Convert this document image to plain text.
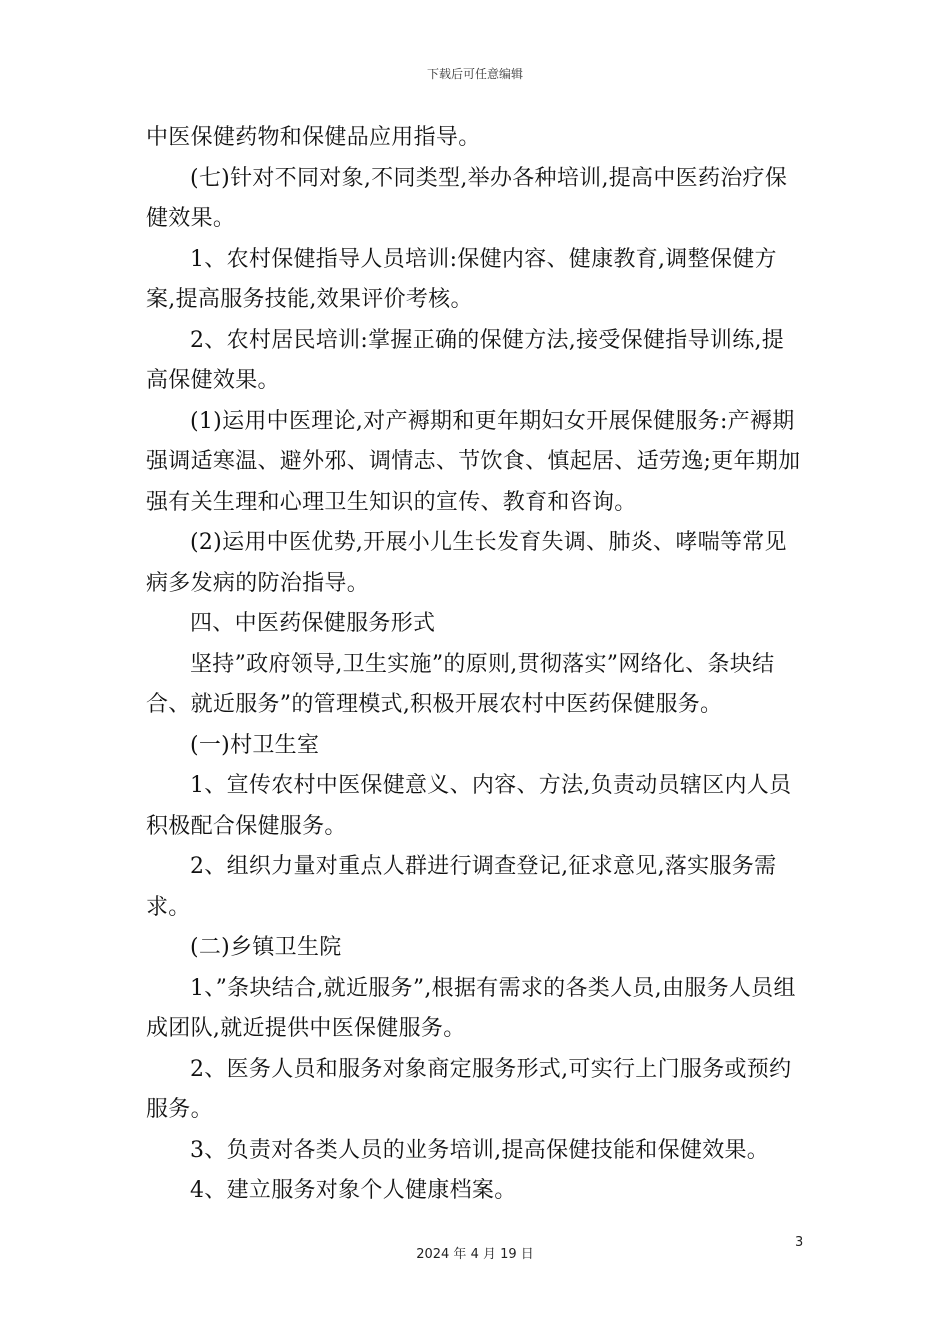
下载后可任意编辑

中医保健药物和保健品应用指导。

(七)针对不同对象,不同类型,举办各种培训,提高中医药治疗保健效果。

1、农村保健指导人员培训:保健内容、健康教育,调整保健方案,提高服务技能,效果评价考核。

2、农村居民培训:掌握正确的保健方法,接受保健指导训练,提高保健效果。

(1)运用中医理论,对产褥期和更年期妇女开展保健服务:产褥期强调适寒温、避外邪、调情志、节饮食、慎起居、适劳逸;更年期加强有关生理和心理卫生知识的宣传、教育和咨询。

(2)运用中医优势,开展小儿生长发育失调、肺炎、哮喘等常见病多发病的防治指导。

四、中医药保健服务形式

坚持”政府领导,卫生实施”的原则,贯彻落实”网络化、条块结合、就近服务”的管理模式,积极开展农村中医药保健服务。

(一)村卫生室

1、宣传农村中医保健意义、内容、方法,负责动员辖区内人员积极配合保健服务。

2、组织力量对重点人群进行调查登记,征求意见,落实服务需求。

(二)乡镇卫生院

1、”条块结合,就近服务”,根据有需求的各类人员,由服务人员组成团队,就近提供中医保健服务。

2、医务人员和服务对象商定服务形式,可实行上门服务或预约服务。

3、负责对各类人员的业务培训,提高保健技能和保健效果。

4、建立服务对象个人健康档案。

3
2024 年 4 月 19 日
